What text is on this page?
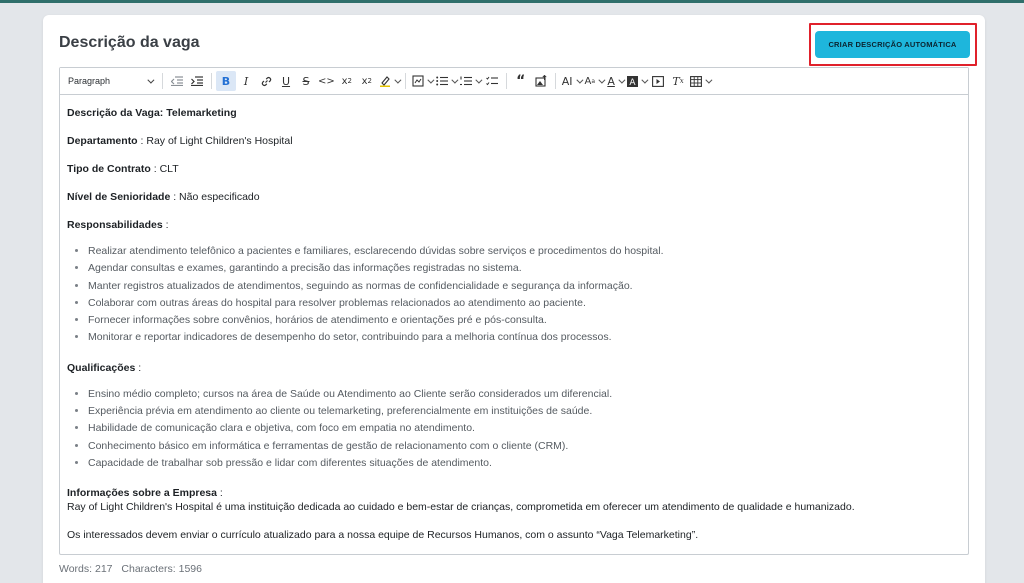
Descrição da vaga	CRIAR DESCRIÇÃO AUTOMÁTICA
Paragraph	B	I	U	S <> x 2 x 2	“	AI	A a A	A	T x

Descrição da Vaga: Telemarketing

Departamento : Ray of Light Children's Hospital

Tipo de Contrato : CLT

Nível de Senioridade : Não especificado

Responsabilidades :

• Realizar atendimento telefônico a pacientes e familiares, esclarecendo dúvidas sobre serviços e procedimentos do hospital.
• Agendar consultas e exames, garantindo a precisão das informações registradas no sistema.
• Manter registros atualizados de atendimentos, seguindo as normas de confidencialidade e segurança da informação.
• Colaborar com outras áreas do hospital para resolver problemas relacionados ao atendimento ao paciente.
• Fornecer informações sobre convênios, horários de atendimento e orientações pré e pós-consulta.
• Monitorar e reportar indicadores de desempenho do setor, contribuindo para a melhoria contínua dos processos.

Qualificações :

• Ensino médio completo; cursos na área de Saúde ou Atendimento ao Cliente serão considerados um diferencial.
• Experiência prévia em atendimento ao cliente ou telemarketing, preferencialmente em instituições de saúde.
• Habilidade de comunicação clara e objetiva, com foco em empatia no atendimento.
• Conhecimento básico em informática e ferramentas de gestão de relacionamento com o cliente (CRM).
• Capacidade de trabalhar sob pressão e lidar com diferentes situações de atendimento.

Informações sobre a Empresa :

Ray of Light Children's Hospital é uma instituição dedicada ao cuidado e bem-estar de crianças, comprometida em oferecer um atendimento de qualidade e humanizado.

Os interessados devem enviar o currículo atualizado para a nossa equipe de Recursos Humanos, com o assunto “Vaga Telemarketing”.

Words: 217 Characters: 1596
